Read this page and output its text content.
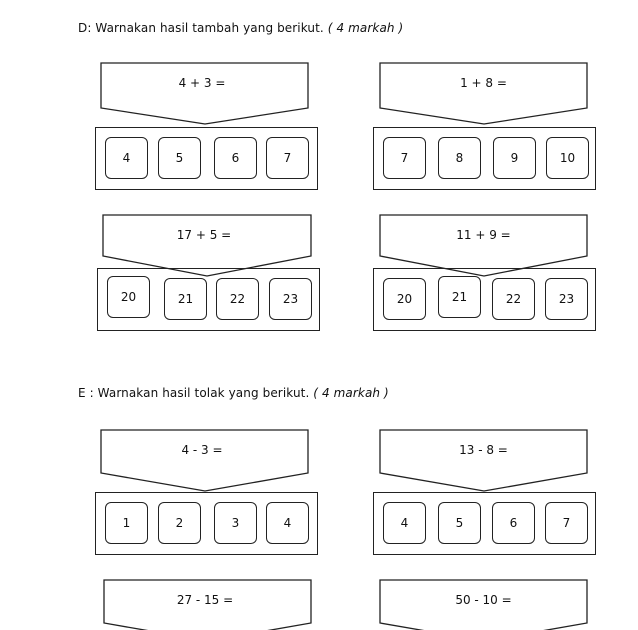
D: Warnakan hasil tambah yang berikut. ( 4 markah )
E : Warnakan hasil tolak yang berikut. ( 4 markah )
4 + 3 =
4	5	6	7
1 + 8 =
7	8	9	10
17 + 5 =
20	21	22	23
11 + 9 =
20	21	22	23
4 - 3 =
1	2	3	4
13 - 8 =
4	5	6	7
27 - 15 =	50 - 10 =
